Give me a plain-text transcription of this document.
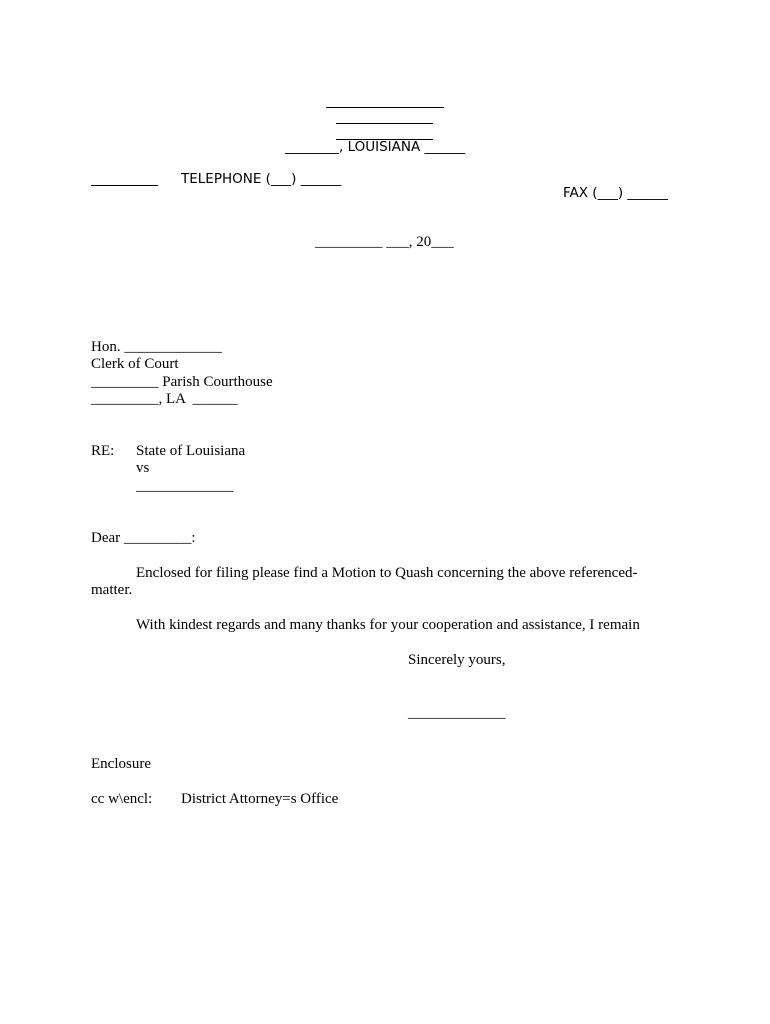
________, LOUISIANA ______
TELEPHONE (___) ______
FAX (___) ______
_________ ___, 20___
Hon. _____________
Clerk of Court
_________ Parish Courthouse
_________, LA  ______
RE: State of Louisiana
vs
_____________
Dear _________:
Enclosed for filing please find a Motion to Quash concerning the above referenced-
matter.
With kindest regards and many thanks for your cooperation and assistance, I remain
Sincerely yours,
_____________
Enclosure
cc w\encl: District Attorney=s Office
